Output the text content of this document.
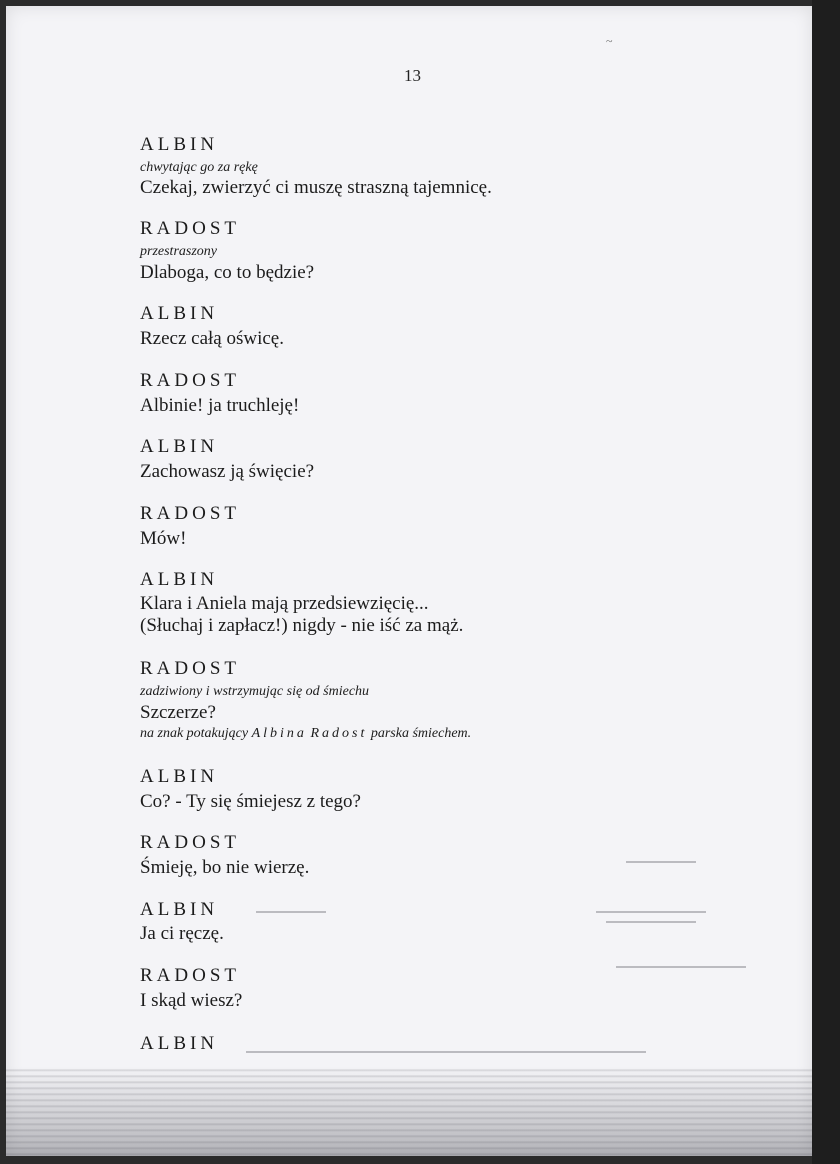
~
13
ALBIN
chwytając go za rękę
Czekaj, zwierzyć ci muszę straszną tajemnicę.
RADOST
przestraszony
Dlaboga, co to będzie?
ALBIN
Rzecz całą oświcę.
RADOST
Albinie! ja truchleję!
ALBIN
Zachowasz ją święcie?
RADOST
Mów!
ALBIN
Klara i Aniela mają przedsiewzięcię...
(Słuchaj i zapłacz!) nigdy - nie iść za mąż.
RADOST
zadziwiony i wstrzymując się od śmiechu
Szczerze?
na znak potakujący Albina Radost parska śmiechem.
ALBIN
Co? - Ty się śmiejesz z tego?
RADOST
Śmieję, bo nie wierzę.
ALBIN
Ja ci ręczę.
RADOST
I skąd wiesz?
ALBIN
